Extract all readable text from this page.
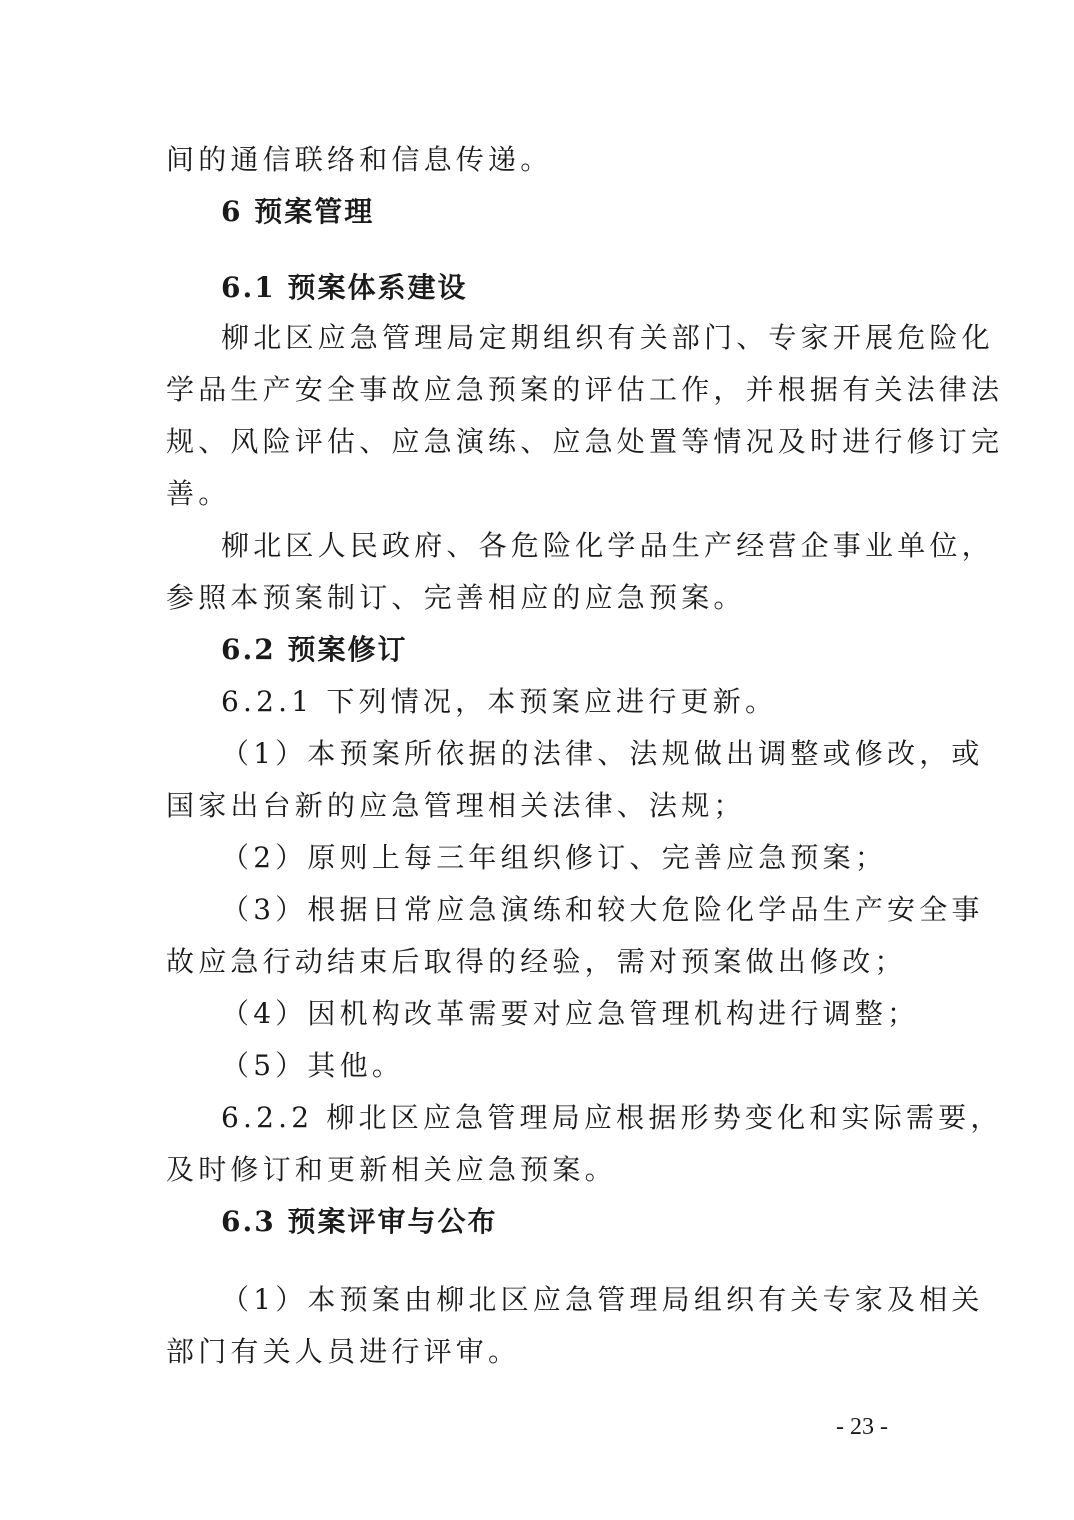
间的通信联络和信息传递。
6 预案管理
6.1 预案体系建设
柳北区应急管理局定期组织有关部门、专家开展危险化
学品生产安全事故应急预案的评估工作，并根据有关法律法
规、风险评估、应急演练、应急处置等情况及时进行修订完
善。
柳北区人民政府、各危险化学品生产经营企事业单位，
参照本预案制订、完善相应的应急预案。
6.2 预案修订
6.2.1 下列情况，本预案应进行更新。
（1）本预案所依据的法律、法规做出调整或修改，或
国家出台新的应急管理相关法律、法规；
（2）原则上每三年组织修订、完善应急预案；
（3）根据日常应急演练和较大危险化学品生产安全事
故应急行动结束后取得的经验，需对预案做出修改；
（4）因机构改革需要对应急管理机构进行调整；
（5）其他。
6.2.2 柳北区应急管理局应根据形势变化和实际需要，
及时修订和更新相关应急预案。
6.3 预案评审与公布
（1）本预案由柳北区应急管理局组织有关专家及相关
部门有关人员进行评审。
- 23 -
